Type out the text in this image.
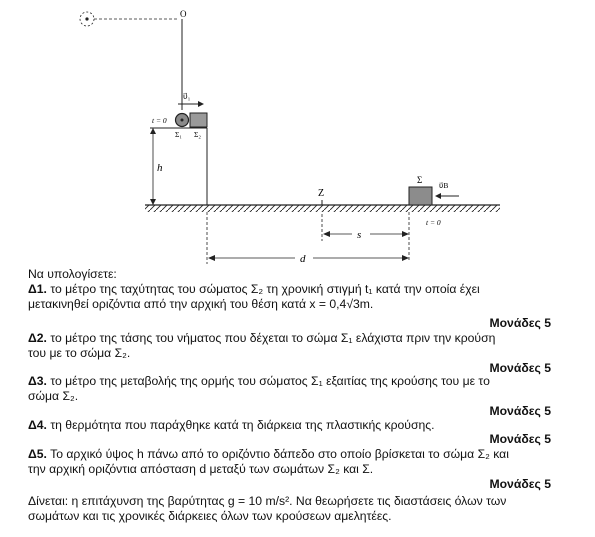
O
υ⃗₁
t = 0
Σ₁ Σ₂
h
Z
Σ
υ⃗B
t = 0
s
d
Να υπολογίσετε:
Δ1. το μέτρο της ταχύτητας του σώματος Σ₂ τη χρονική στιγμή t₁ κατά την οποία έχει
μετακινηθεί οριζόντια από την αρχική του θέση κατά x = 0,4√3m.
Μονάδες 5
Δ2. το μέτρο της τάσης του νήματος που δέχεται το σώμα Σ₁ ελάχιστα πριν την κρούση
του με το σώμα Σ₂.
Μονάδες 5
Δ3. το μέτρο της μεταβολής της ορμής του σώματος Σ₁ εξαιτίας της κρούσης του με το
σώμα Σ₂.
Μονάδες 5
Δ4. τη θερμότητα που παράχθηκε κατά τη διάρκεια της πλαστικής κρούσης.
Μονάδες 5
Δ5. Το αρχικό ύψος h πάνω από το οριζόντιο δάπεδο στο οποίο βρίσκεται το σώμα Σ₂ και
την αρχική οριζόντια απόσταση d μεταξύ των σωμάτων Σ₂ και Σ.
Μονάδες 5
Δίνεται: η επιτάχυνση της βαρύτητας g = 10 m/s². Να θεωρήσετε τις διαστάσεις όλων των
σωμάτων και τις χρονικές διάρκειες όλων των κρούσεων αμελητέες.
